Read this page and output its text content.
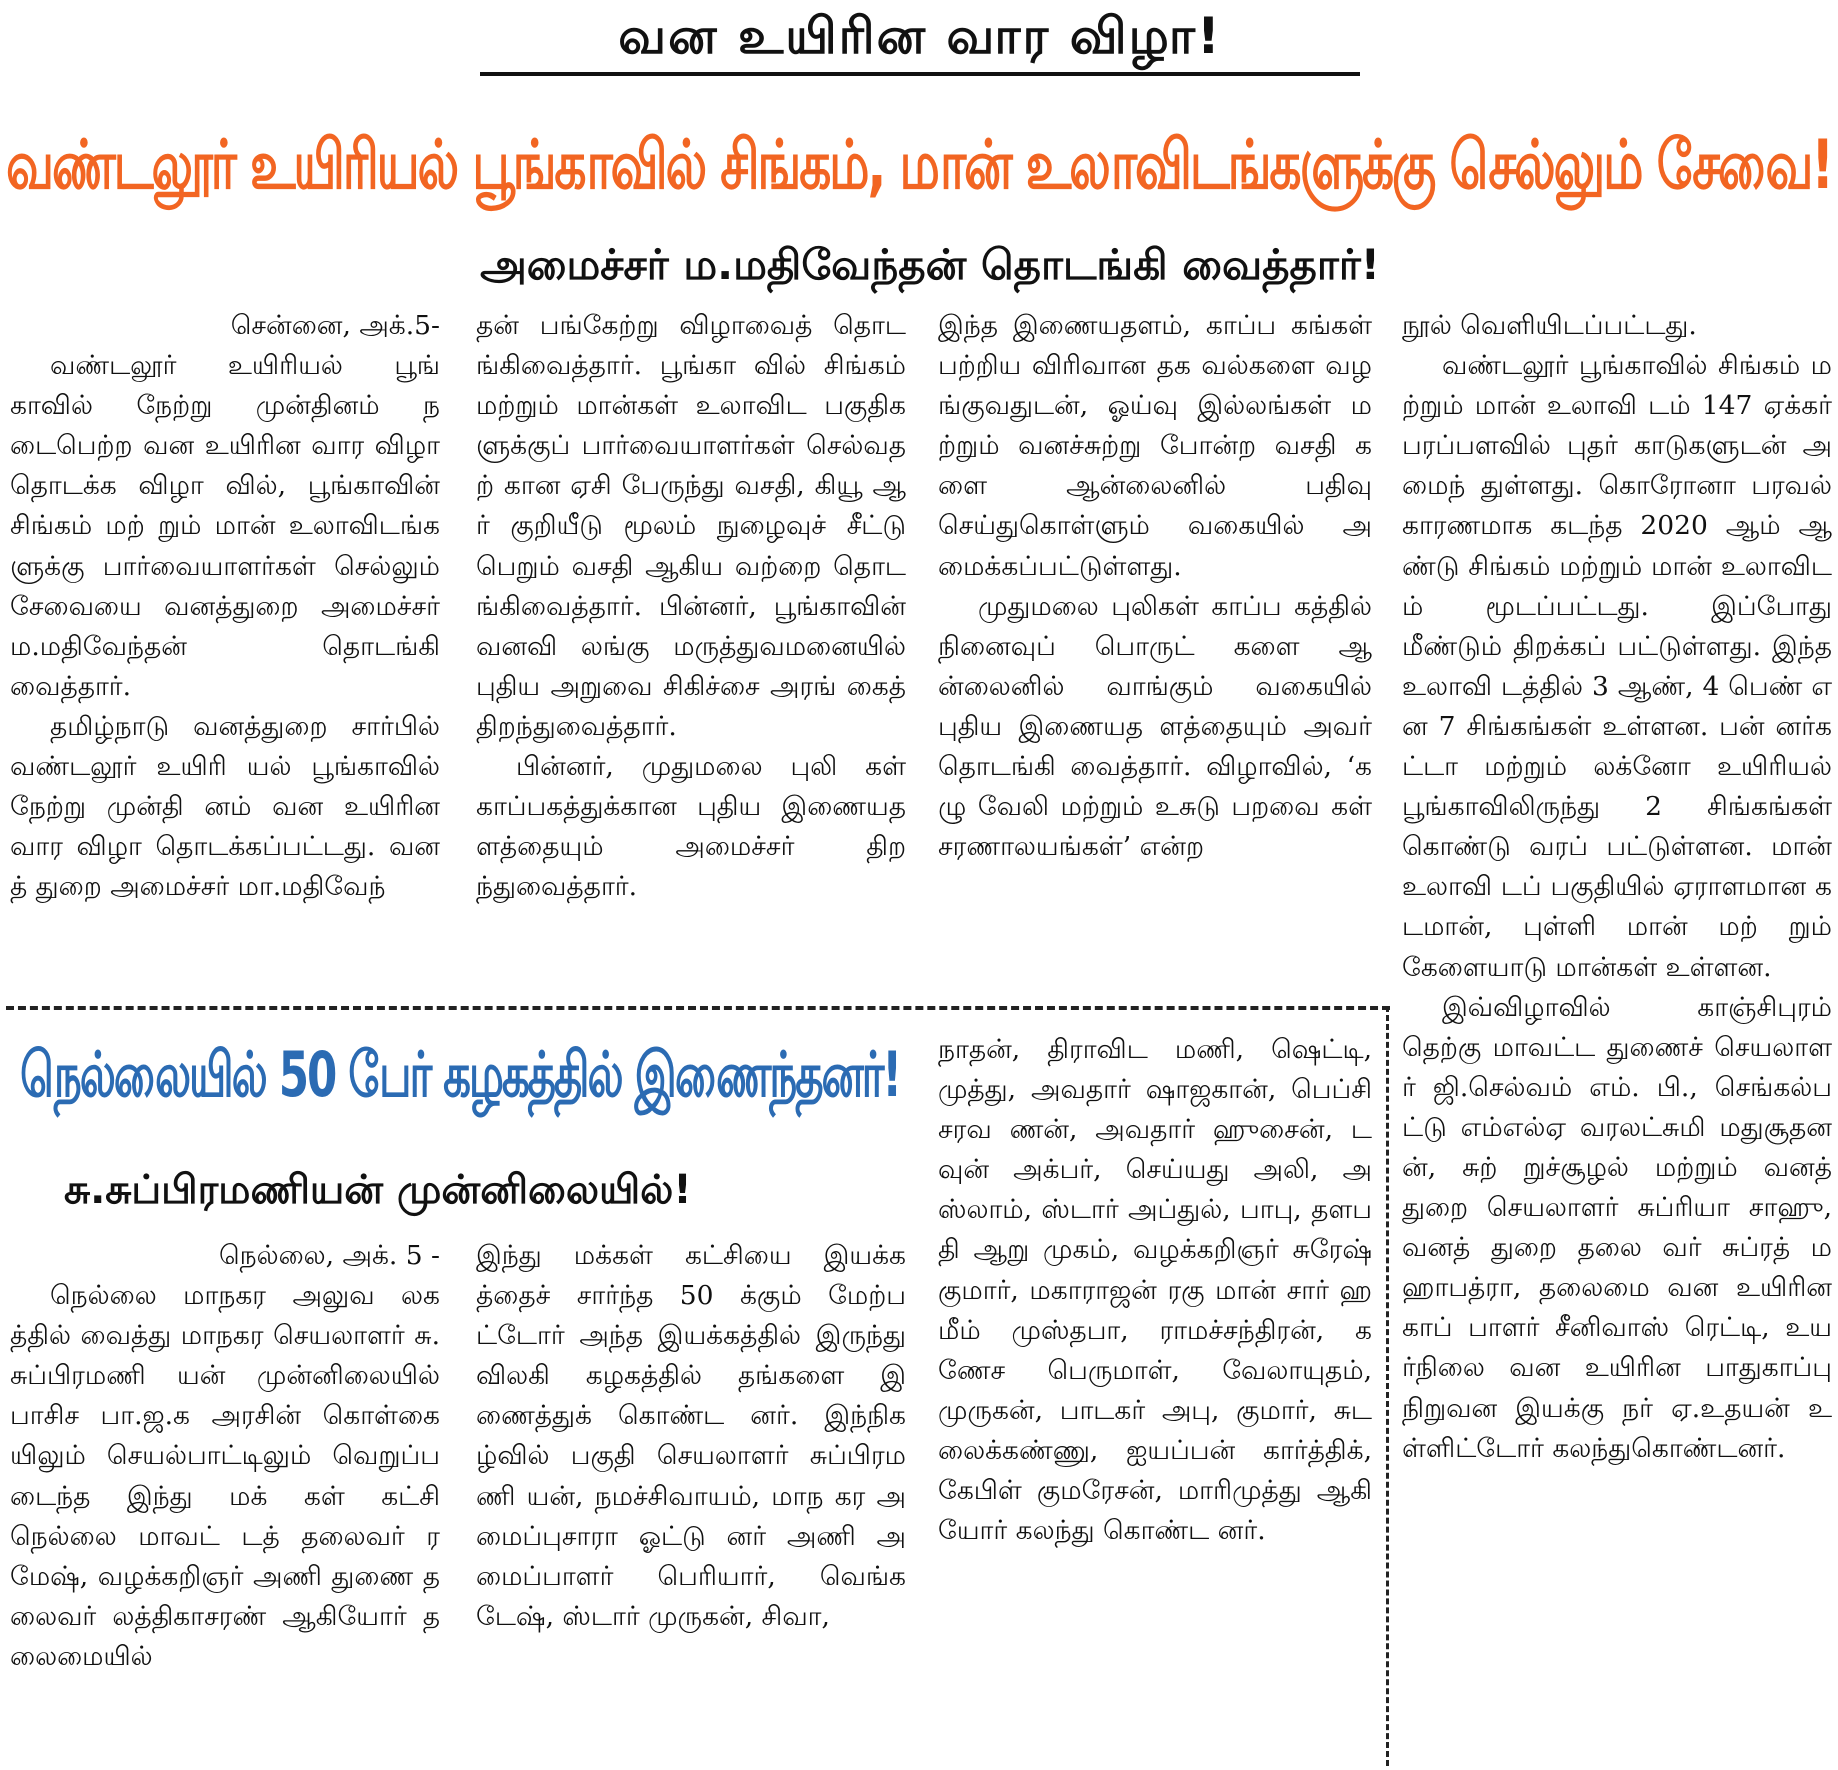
வன உயிரின வார விழா!
வண்டலூர் உயிரியல் பூங்காவில் சிங்கம், மான் உலாவிடங்களுக்கு செல்லும் சேவை!
அமைச்சர் ம.மதிவேந்தன் தொடங்கி வைத்தார்!

சென்னை, அக்.5-

வண்டலூர் உயிரியல் பூங் காவில் நேற்று முன்தினம் நடைபெற்ற வன உயிரின வார விழா தொடக்க விழா வில், பூங்காவின் சிங்கம் மற் றும் மான் உலாவிடங்களுக்கு பார்வையாளர்கள் செல்லும் சேவையை வனத்துறை அமைச்சர் ம.மதிவேந்தன் தொடங்கி வைத்தார்.

தமிழ்நாடு வனத்துறை சார்பில் வண்டலூர் உயிரி யல் பூங்காவில் நேற்று முன்தி னம் வன உயிரின வார விழா தொடக்கப்பட்டது. வனத் துறை அமைச்சர் மா.மதிவேந்

தன் பங்கேற்று விழாவைத் தொடங்கிவைத்தார். பூங்கா வில் சிங்கம் மற்றும் மான்கள் உலாவிட பகுதிகளுக்குப் பார்வையாளர்கள் செல்வதற் கான ஏசி பேருந்து வசதி, கியூ ஆர் குறியீடு மூலம் நுழைவுச் சீட்டு பெறும் வசதி ஆகிய வற்றை தொடங்கிவைத்தார். பின்னர், பூங்காவின் வனவி லங்கு மருத்துவமனையில் புதிய அறுவை சிகிச்சை அரங் கைத் திறந்துவைத்தார்.

பின்னர், முதுமலை புலி கள் காப்பகத்துக்கான புதிய இணையதளத்தையும் அமைச்சர் திறந்துவைத்தார்.

இந்த இணையதளம், காப்ப கங்கள் பற்றிய விரிவான தக வல்களை வழங்குவதுடன், ஓய்வு இல்லங்கள் மற்றும் வனச்சுற்று போன்ற வசதி களை ஆன்லைனில் பதிவு செய்துகொள்ளும் வகையில் அமைக்கப்பட்டுள்ளது.

முதுமலை புலிகள் காப்ப கத்தில் நினைவுப் பொருட் களை ஆன்லைனில் வாங்கும் வகையில் புதிய இணையத ளத்தையும் அவர் தொடங்கி வைத்தார். விழாவில், ‘கழு வேலி மற்றும் உசுடு பறவை கள் சரணாலயங்கள்’ என்ற

நூல் வெளியிடப்பட்டது.

வண்டலூர் பூங்காவில் சிங்கம் மற்றும் மான் உலாவி டம் 147 ஏக்கர் பரப்பளவில் புதர் காடுகளுடன் அமைந் துள்ளது. கொரோனா பரவல் காரணமாக கடந்த 2020 ஆம் ஆண்டு சிங்கம் மற்றும் மான் உலாவிடம் மூடப்பட்டது. இப்போது மீண்டும் திறக்கப் பட்டுள்ளது. இந்த உலாவி டத்தில் 3 ஆண், 4 பெண் என 7 சிங்கங்கள் உள்ளன. பன் னர்கட்டா மற்றும் லக்னோ உயிரியல் பூங்காவிலிருந்து 2 சிங்கங்கள் கொண்டு வரப் பட்டுள்ளன. மான் உலாவி டப் பகுதியில் ஏராளமான கடமான், புள்ளி மான் மற் றும் கேளையாடு மான்கள் உள்ளன.

இவ்விழாவில் காஞ்சிபுரம் தெற்கு மாவட்ட துணைச் செயலாளர் ஜி.செல்வம் எம். பி., செங்கல்பட்டு எம்எல்ஏ வரலட்சுமி மதுசூதனன், சுற் றுச்சூழல் மற்றும் வனத் துறை செயலாளர் சுப்ரியா சாஹு, வனத் துறை தலை வர் சுப்ரத் மஹாபத்ரா, தலைமை வன உயிரின காப் பாளர் சீனிவாஸ் ரெட்டி, உயர்நிலை வன உயிரின பாதுகாப்பு நிறுவன இயக்கு நர் ஏ.உதயன் உள்ளிட்டோர் கலந்துகொண்டனர்.

நெல்லையில் 50 பேர் கழகத்தில் இணைந்தனர்!
சு.சுப்பிரமணியன் முன்னிலையில்!

நெல்லை, அக். 5 -

நெல்லை மாநகர அலுவ லகத்தில் வைத்து மாநகர செயலாளர் சு.சுப்பிரமணி யன் முன்னிலையில் பாசிச பா.ஜ.க அரசின் கொள்கை யிலும் செயல்பாட்டிலும் வெறுப்படைந்த இந்து மக் கள் கட்சி நெல்லை மாவட் டத் தலைவர் ரமேஷ், வழக்கறிஞர் அணி துணை தலைவர் லத்திகாசரண் ஆகியோர் தலைமையில்

இந்து மக்கள் கட்சியை இயக்கத்தைச் சார்ந்த 50 க்கும் மேற்பட்டோர் அந்த இயக்கத்தில் இருந்து விலகி கழகத்தில் தங்களை இணைத்துக் கொண்ட னர். இந்நிகழ்வில் பகுதி செயலாளர் சுப்பிரமணி யன், நமச்சிவாயம், மாந கர அமைப்புசாரா ஓட்டு னர் அணி அமைப்பாளர் பெரியார், வெங்கடேஷ், ஸ்டார் முருகன், சிவா,

நாதன், திராவிட மணி, ஷெட்டி, முத்து, அவதார் ஷாஜகான், பெப்சி சரவ ணன், அவதார் ஹுசைன், டவுன் அக்பர், செய்யது அலி, அஸ்லாம், ஸ்டார் அப்துல், பாபு, தளபதி ஆறு முகம், வழக்கறிஞர் சுரேஷ் குமார், மகாராஜன் ரகு மான் சார் ஹமீம் முஸ்தபா, ராமச்சந்திரன், கணேச பெருமாள், வேலாயுதம், முருகன், பாடகர் அபு, குமார், சுடலைக்கண்ணு, ஐயப்பன் கார்த்திக், கேபிள் குமரேசன், மாரிமுத்து ஆகி யோர் கலந்து கொண்ட னர்.
